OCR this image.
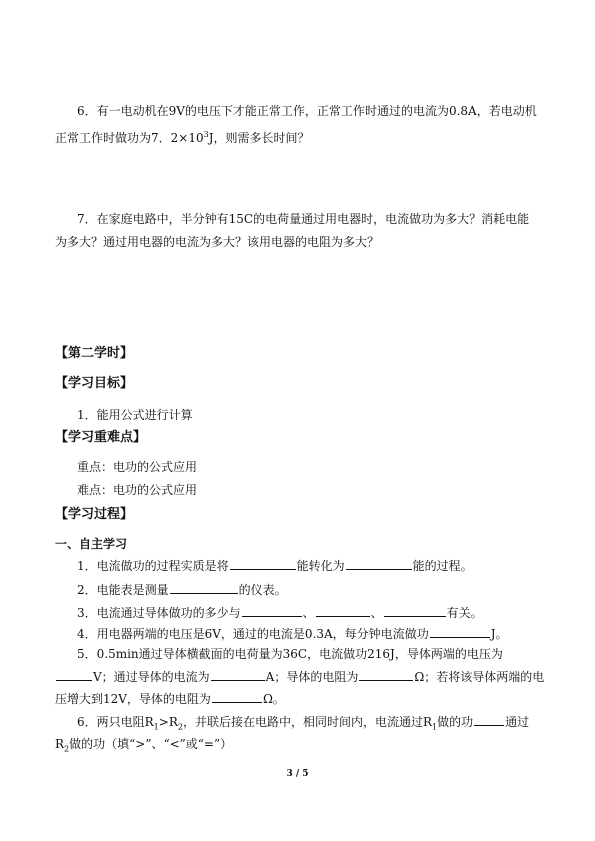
6．有一电动机在9V的电压下才能正常工作，正常工作时通过的电流为0.8A，若电动机
正常工作时做功为7．$2\times 10^3J$，则需多长时间？
7．在家庭电路中，半分钟有15C的电荷量通过用电器时，电流做功为多大？消耗电能
为多大？通过用电器的电流为多大？该用电器的电阻为多大？
【第二学时】
【学习目标】
1．能用公式进行计算
【学习重难点】
重点：电功的公式应用
难点：电功的公式应用
【学习过程】
一、自主学习
1．电流做功的过程实质是将	能转化为	能的过程。
2．电能表是测量	的仪表。
3．电流通过导体做功的多少与	、	、	有关。
4．用电器两端的电压是6V，通过的电流是0.3A，每分钟电流做功	J。
5．0.5min通过导体横截面的电荷量为36C，电流做功216J，导体两端的电压为
V；通过导体的电流为	A；导体的电阻为	Ω；若将该导体两端的电
压增大到12V，导体的电阻为	Ω。
6．两只电阻$R_1>R_2$，并联后接在电路中，相同时间内，电流通过$R_1$做的功	通过
$R_2$做的功（填“>”、“<”或“=”）
3 / 5
